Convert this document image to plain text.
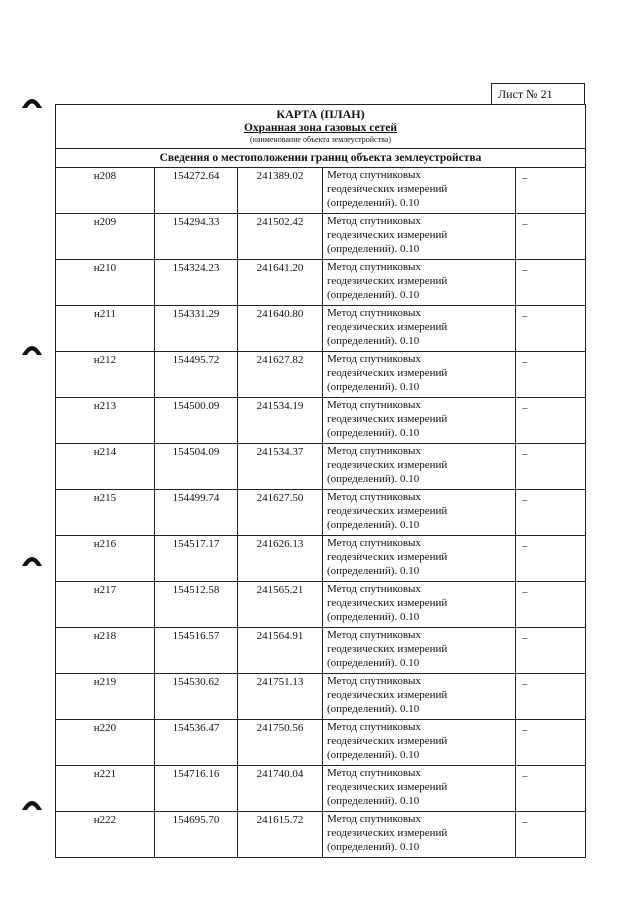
Лист № 21
КАРТА (ПЛАН)
Охранная зона газовых сетей
(наименование объекта землеустройства)
Сведения о местоположении границ объекта землеустройства
н208	154272.64	241389.02	Метод спутниковых
геодезических измерений
(определений). 0.10	–
н209	154294.33	241502.42	Метод спутниковых
геодезических измерений
(определений). 0.10	–
н210	154324.23	241641.20	Метод спутниковых
геодезических измерений
(определений). 0.10	–
н211	154331.29	241640.80	Метод спутниковых
геодезических измерений
(определений). 0.10	–
н212	154495.72	241627.82	Метод спутниковых
геодезических измерений
(определений). 0.10	–
н213	154500.09	241534.19	Метод спутниковых
геодезических измерений
(определений). 0.10	–
н214	154504.09	241534.37	Метод спутниковых
геодезических измерений
(определений). 0.10	–
н215	154499.74	241627.50	Метод спутниковых
геодезических измерений
(определений). 0.10	–
н216	154517.17	241626.13	Метод спутниковых
геодезических измерений
(определений). 0.10	–
н217	154512.58	241565.21	Метод спутниковых
геодезических измерений
(определений). 0.10	–
н218	154516.57	241564.91	Метод спутниковых
геодезических измерений
(определений). 0.10	–
н219	154530.62	241751.13	Метод спутниковых
геодезических измерений
(определений). 0.10	–
н220	154536.47	241750.56	Метод спутниковых
геодезических измерений
(определений). 0.10	–
н221	154716.16	241740.04	Метод спутниковых
геодезических измерений
(определений). 0.10	–
н222	154695.70	241615.72	Метод спутниковых
геодезических измерений
(определений). 0.10	–
